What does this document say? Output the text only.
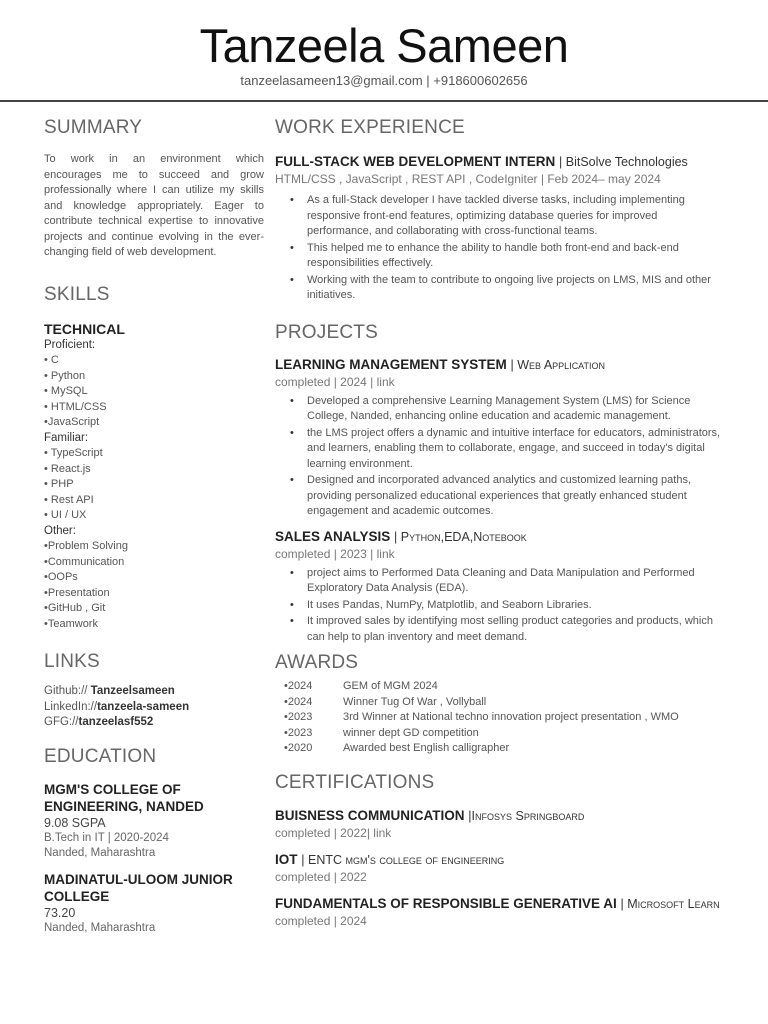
Tanzeela Sameen
tanzeelasameen13@gmail.com | +918600602656
SUMMARY
To work in an environment which encourages me to succeed and grow professionally where I can utilize my skills and knowledge appropriately. Eager to contribute technical expertise to innovative projects and continue evolving in the ever-changing field of web development.
SKILLS
TECHNICAL
Proficient:
• C
• Python
• MySQL
• HTML/CSS
•JavaScript
Familiar:
• TypeScript
• React.js
• PHP
• Rest API
• UI / UX
Other:
•Problem Solving
•Communication
•OOPs
•Presentation
•GitHub , Git
•Teamwork
LINKS
Github:// Tanzeelsameen
LinkedIn://tanzeela-sameen
GFG://tanzeelasf552
EDUCATION
MGM'S COLLEGE OF ENGINEERING, NANDED
9.08 SGPA
B.Tech in IT | 2020-2024
Nanded, Maharashtra
MADINATUL-ULOOM JUNIOR COLLEGE
73.20
Nanded, Maharashtra
WORK EXPERIENCE
FULL-STACK WEB DEVELOPMENT INTERN | BitSolve Technologies
HTML/CSS , JavaScript , REST API , CodeIgniter | Feb 2024– may 2024
• As a full-Stack developer I have tackled diverse tasks, including implementing responsive front-end features, optimizing database queries for improved performance, and collaborating with cross-functional teams.
• This helped me to enhance the ability to handle both front-end and back-end responsibilities effectively.
• Working with the team to contribute to ongoing live projects on LMS, MIS and other initiatives.
PROJECTS
LEARNING MANAGEMENT SYSTEM | Web Application
completed | 2024 | link
• Developed a comprehensive Learning Management System (LMS) for Science College, Nanded, enhancing online education and academic management.
• the LMS project offers a dynamic and intuitive interface for educators, administrators, and learners, enabling them to collaborate, engage, and succeed in today's digital learning environment.
• Designed and incorporated advanced analytics and customized learning paths, providing personalized educational experiences that greatly enhanced student engagement and academic outcomes.
SALES ANALYSIS | Python,EDA,Notebook
completed | 2023 | link
• project aims to Performed Data Cleaning and Data Manipulation and Performed Exploratory Data Analysis (EDA).
• It uses Pandas, NumPy, Matplotlib, and Seaborn Libraries.
• It improved sales by identifying most selling product categories and products, which can help to plan inventory and meet demand.
AWARDS
•2024	GEM of MGM 2024
•2024	Winner Tug Of War , Vollyball
•2023	3rd Winner at National techno innovation project presentation , WMO
•2023	winner dept GD competition
•2020	Awarded best English calligrapher
CERTIFICATIONS
BUISNESS COMMUNICATION |Infosys Springboard
completed | 2022| link
IOT | ENTC mgm's college of engineering
completed | 2022
FUNDAMENTALS OF RESPONSIBLE GENERATIVE AI | Microsoft Learn
completed | 2024
